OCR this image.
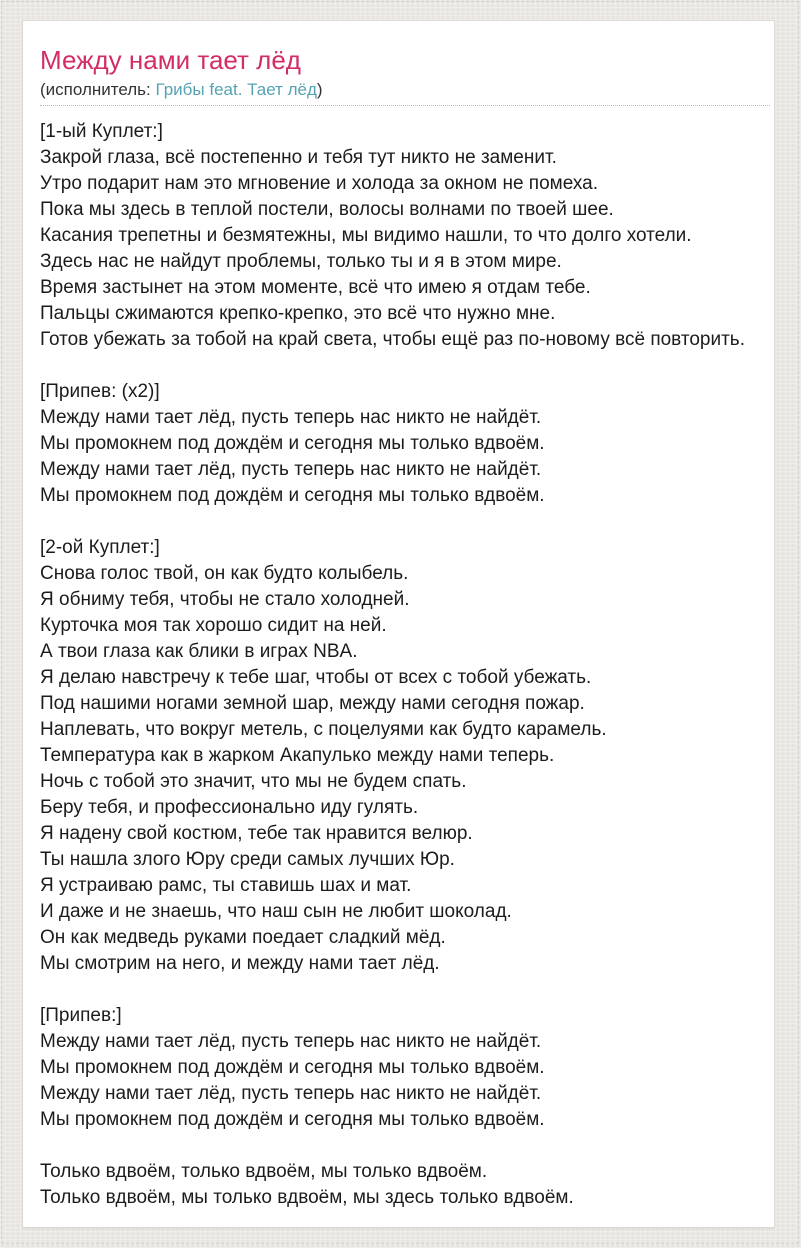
Между нами тает лёд
(исполнитель: Грибы feat. Тает лёд)
[1-ый Куплет:]
Закрой глаза, всё постепенно и тебя тут никто не заменит.
Утро подарит нам это мгновение и холода за окном не помеха.
Пока мы здесь в теплой постели, волосы волнами по твоей шее.
Касания трепетны и безмятежны, мы видимо нашли, то что долго хотели.
Здесь нас не найдут проблемы, только ты и я в этом мире.
Время застынет на этом моменте, всё что имею я отдам тебе.
Пальцы сжимаются крепко-крепко, это всё что нужно мне.
Готов убежать за тобой на край света, чтобы ещё раз по-новому всё повторить.
[Припев: (x2)]
Между нами тает лёд, пусть теперь нас никто не найдёт.
Мы промокнем под дождём и сегодня мы только вдвоём.
Между нами тает лёд, пусть теперь нас никто не найдёт.
Мы промокнем под дождём и сегодня мы только вдвоём.
[2-ой Куплет:]
Снова голос твой, он как будто колыбель.
Я обниму тебя, чтобы не стало холодней.
Курточка моя так хорошо сидит на ней.
А твои глаза как блики в играх NBA.
Я делаю навстречу к тебе шаг, чтобы от всех с тобой убежать.
Под нашими ногами земной шар, между нами сегодня пожар.
Наплевать, что вокруг метель, с поцелуями как будто карамель.
Температура как в жарком Акапулько между нами теперь.
Ночь с тобой это значит, что мы не будем спать.
Беру тебя, и профессионально иду гулять.
Я надену свой костюм, тебе так нравится велюр.
Ты нашла злого Юру среди самых лучших Юр.
Я устраиваю рамс, ты ставишь шах и мат.
И даже и не знаешь, что наш сын не любит шоколад.
Он как медведь руками поедает сладкий мёд.
Мы смотрим на него, и между нами тает лёд.
[Припев:]
Между нами тает лёд, пусть теперь нас никто не найдёт.
Мы промокнем под дождём и сегодня мы только вдвоём.
Между нами тает лёд, пусть теперь нас никто не найдёт.
Мы промокнем под дождём и сегодня мы только вдвоём.
Только вдвоём, только вдвоём, мы только вдвоём.
Только вдвоём, мы только вдвоём, мы здесь только вдвоём.
